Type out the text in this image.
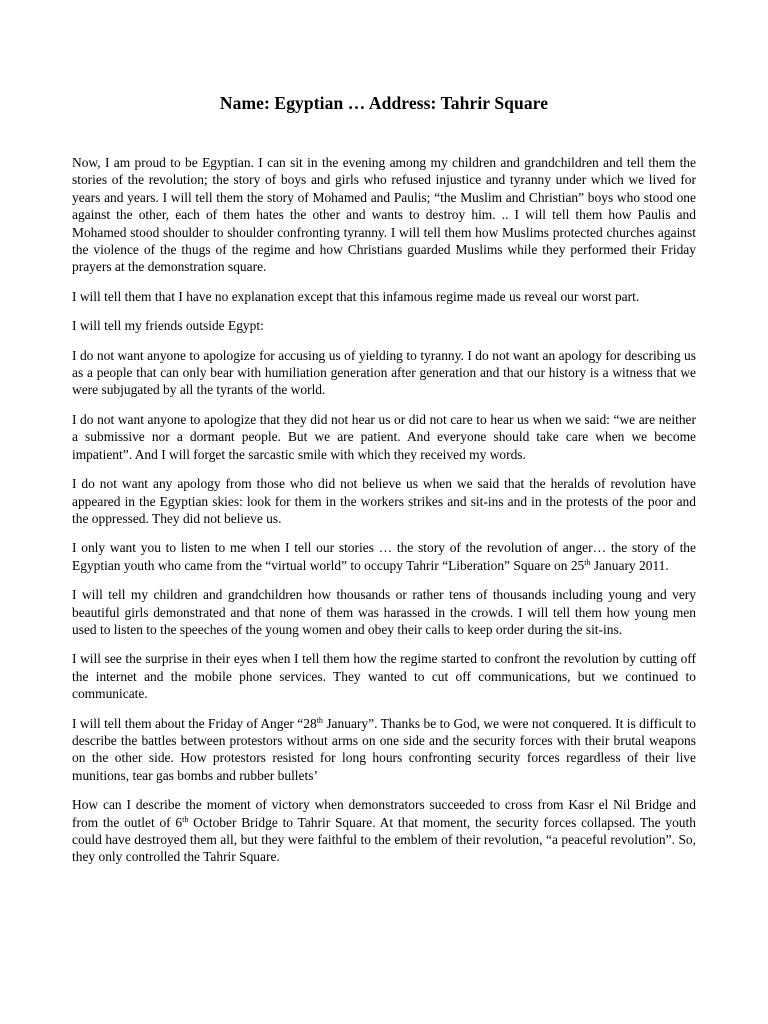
Name: Egyptian … Address: Tahrir Square

Now, I am proud to be Egyptian. I can sit in the evening among my children and grandchildren and tell them the stories of the revolution; the story of boys and girls who refused injustice and tyranny under which we lived for years and years. I will tell them the story of Mohamed and Paulis; “the Muslim and Christian” boys who stood one against the other, each of them hates the other and wants to destroy him. .. I will tell them how Paulis and Mohamed stood shoulder to shoulder confronting tyranny. I will tell them how Muslims protected churches against the violence of the thugs of the regime and how Christians guarded Muslims while they performed their Friday prayers at the demonstration square.

I will tell them that I have no explanation except that this infamous regime made us reveal our worst part.

I will tell my friends outside Egypt:

I do not want anyone to apologize for accusing us of yielding to tyranny. I do not want an apology for describing us as a people that can only bear with humiliation generation after generation and that our history is a witness that we were subjugated by all the tyrants of the world.

I do not want anyone to apologize that they did not hear us or did not care to hear us when we said: “we are neither a submissive nor a dormant people. But we are patient. And everyone should take care when we become impatient”. And I will forget the sarcastic smile with which they received my words.

I do not want any apology from those who did not believe us when we said that the heralds of revolution have appeared in the Egyptian skies: look for them in the workers strikes and sit-ins and in the protests of the poor and the oppressed. They did not believe us.

I only want you to listen to me when I tell our stories … the story of the revolution of anger… the story of the Egyptian youth who came from the “virtual world” to occupy Tahrir “Liberation” Square on 25th January 2011.

I will tell my children and grandchildren how thousands or rather tens of thousands including young and very beautiful girls demonstrated and that none of them was harassed in the crowds. I will tell them how young men used to listen to the speeches of the young women and obey their calls to keep order during the sit-ins.

I will see the surprise in their eyes when I tell them how the regime started to confront the revolution by cutting off the internet and the mobile phone services. They wanted to cut off communications, but we continued to communicate.

I will tell them about the Friday of Anger “28th January”. Thanks be to God, we were not conquered. It is difficult to describe the battles between protestors without arms on one side and the security forces with their brutal weapons on the other side. How protestors resisted for long hours confronting security forces regardless of their live munitions, tear gas bombs and rubber bullets’

How can I describe the moment of victory when demonstrators succeeded to cross from Kasr el Nil Bridge and from the outlet of 6th October Bridge to Tahrir Square. At that moment, the security forces collapsed. The youth could have destroyed them all, but they were faithful to the emblem of their revolution, “a peaceful revolution”. So, they only controlled the Tahrir Square.
